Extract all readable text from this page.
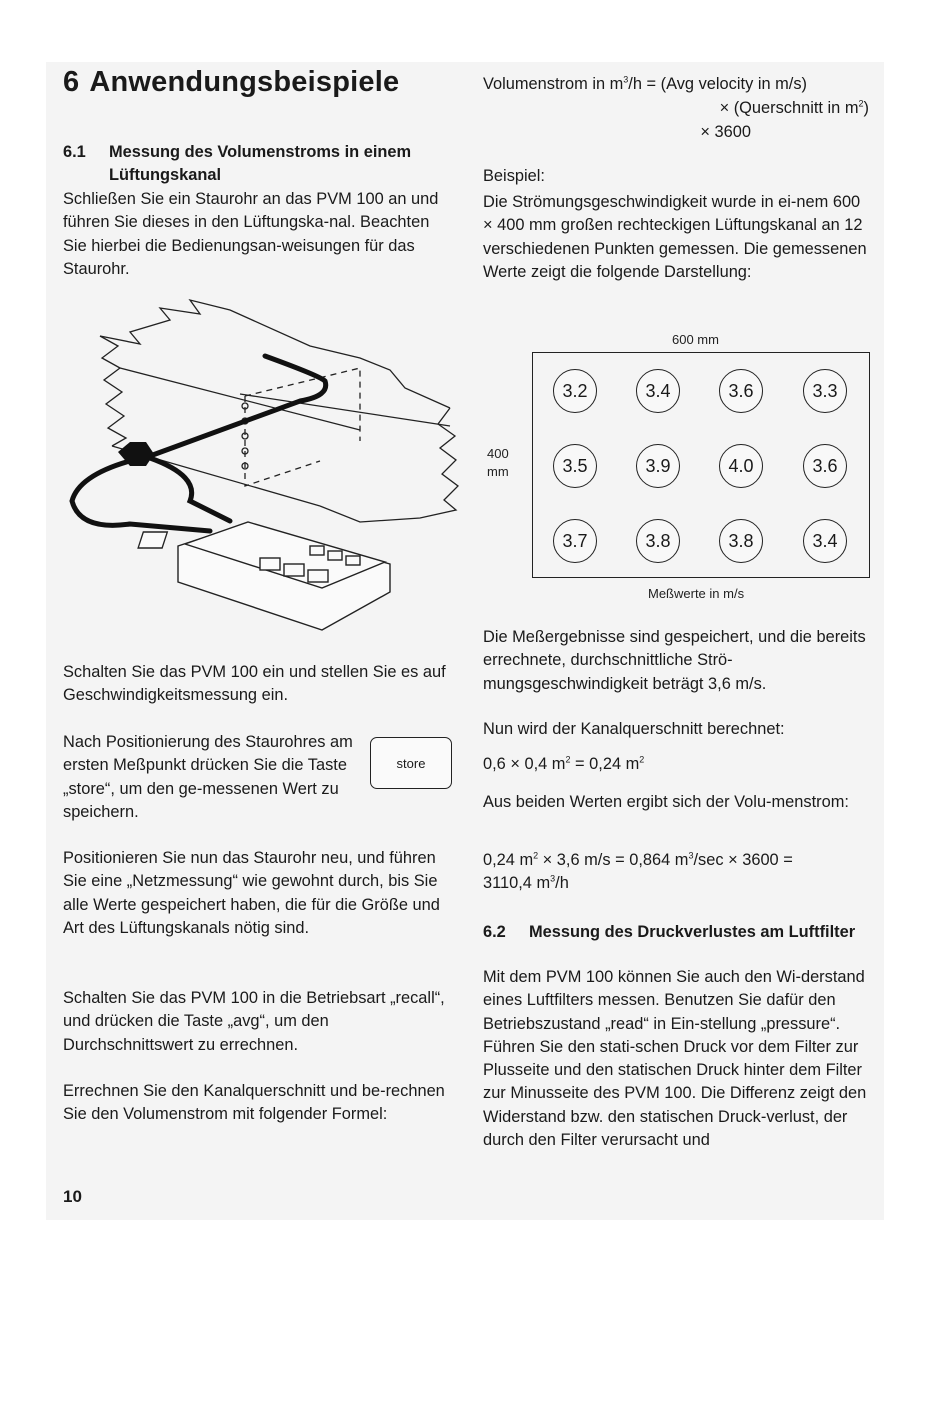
6 Anwendungsbeispiele
6.1	Messung des Volumenstroms in einem Lüftungskanal

Schließen Sie ein Staurohr an das PVM 100 an und führen Sie dieses in den Lüftungska-nal. Beachten Sie hierbei die Bedienungsan-weisungen für das Staurohr.

Schalten Sie das PVM 100 ein und stellen Sie es auf Geschwindigkeitsmessung ein.

Nach Positionierung des Staurohres am ersten Meßpunkt drücken Sie die Taste „store“, um den ge-messenen Wert zu speichern.

store

Positionieren Sie nun das Staurohr neu, und führen Sie eine „Netzmessung“ wie gewohnt durch, bis Sie alle Werte gespeichert haben, die für die Größe und Art des Lüftungskanals nötig sind.

Schalten Sie das PVM 100 in die Betriebsart „recall“, und drücken die Taste „avg“, um den Durchschnittswert zu errechnen.

Errechnen Sie den Kanalquerschnitt und be-rechnen Sie den Volumenstrom mit folgender Formel:

Volumenstrom in $m^3/h = (Avg$ velocity in m/s)
× (Querschnitt in $m^2$)
× 3600

Beispiel:

Die Strömungsgeschwindigkeit wurde in ei-nem 600 × 400 mm großen rechteckigen Lüftungskanal an 12 verschiedenen Punkten gemessen. Die gemessenen Werte zeigt die folgende Darstellung:

600 mm
400
mm
3.2	3.4	3.6	3.3
3.5	3.9	4.0	3.6
3.7	3.8	3.8	3.4
Meßwerte in m/s

Die Meßergebnisse sind gespeichert, und die bereits errechnete, durchschnittliche Strö-mungsgeschwindigkeit beträgt 3,6 m/s.

Nun wird der Kanalquerschnitt berechnet:

0,6 × 0,4 $m^2 = 0,24$ $m^2$

Aus beiden Werten ergibt sich der Volu-menstrom:

0,24 $m^2 \times 3,6$ m/s = 0,864 $m^3/\sec \times 3600$ =
3110,4 $m^3/h$
6.2	Messung des Druckverlustes am Luftfilter

Mit dem PVM 100 können Sie auch den Wi-derstand eines Luftfilters messen. Benutzen Sie dafür den Betriebszustand „read“ in Ein-stellung „pressure“. Führen Sie den stati-schen Druck vor dem Filter zur Plusseite und den statischen Druck hinter dem Filter zur Minusseite des PVM 100. Die Differenz zeigt den Widerstand bzw. den statischen Druck-verlust, der durch den Filter verursacht und

10
